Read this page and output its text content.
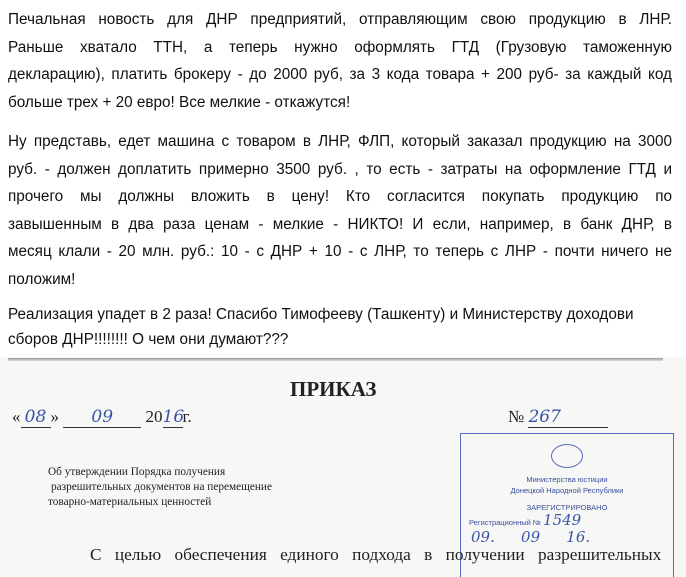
Печальная новость для ДНР предприятий, отправляющим свою продукцию в ЛНР.
Раньше хватало ТТН, а теперь нужно оформлять ГТД (Грузовую таможенную
декларацию), платить брокеру - до 2000 руб, за 3 кода товара + 200 руб- за каждый код
больше трех + 20 евро! Все мелкие - откажутся!
Ну представь, едет машина с товаром в ЛНР, ФЛП, который заказал продукцию на 3000
руб. - должен доплатить примерно 3500 руб. , то есть - затраты на оформление ГТД и
прочего мы должны вложить в цену! Кто согласится покупать продукцию по
завышенным в два раза ценам - мелкие - НИКТО! И если, например, в банк ДНР, в
месяц клали - 20 млн. руб.: 10 - с ДНР + 10 - с ЛНР, то теперь с ЛНР - почти ничего не
положим!
Реализация упадет в 2 раза! Спасибо Тимофееву (Ташкенту) и Министерству доходови
сборов ДНР!!!!!!!! О чем они думают???
ПРИКАЗ
« 08 » 09 2016г.	№ 267
Об утверждении Порядка получения
разрешительных документов на перемещение
товарно-материальных ценностей
Министерства юстиции
Донецкой Народной Республики
ЗАРЕГИСТРИРОВАНО
Регистрационный № 1549
09. 09 16.
С целью обеспечения единого подхода в получении разрешительных
